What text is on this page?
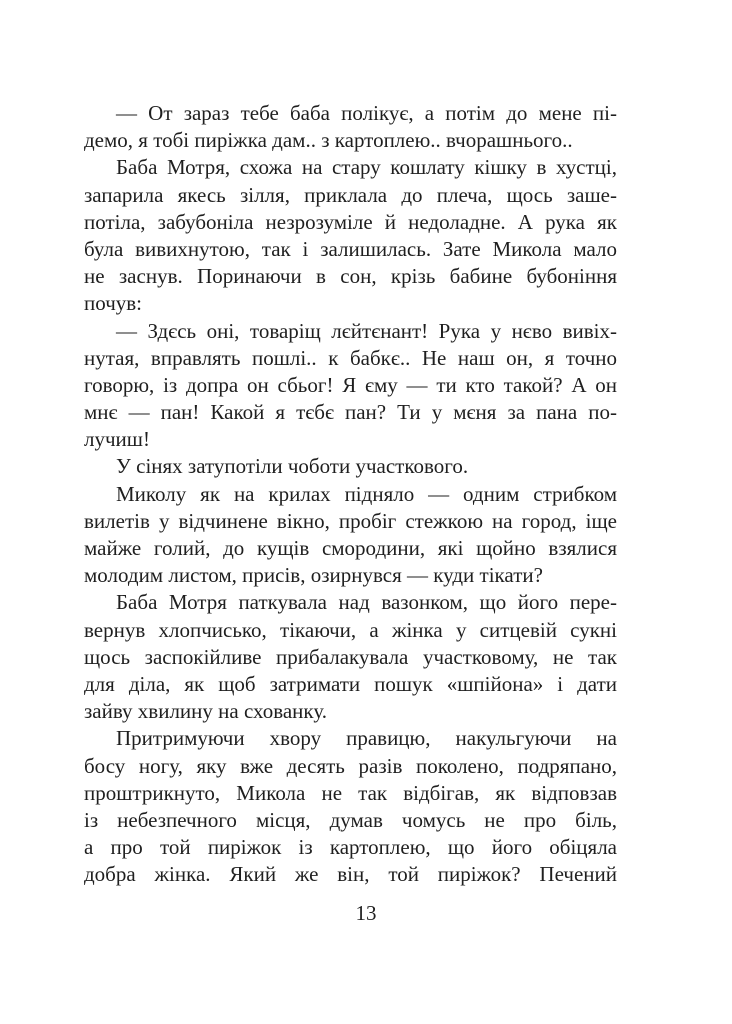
— От зараз тебе баба полікує, а потім до мене пі-
демо, я тобі пиріжка дам.. з картоплею.. вчорашнього..
Баба Мотря, схожа на стару кошлату кішку в хустці,
запарила якесь зілля, приклала до плеча, щось заше-
потіла, забубоніла незрозуміле й недоладне. А рука як
була вивихнутою, так і залишилась. Зате Микола мало
не заснув. Поринаючи в сон, крізь бабине бубоніння
почув:
— Здєсь оні, товаріщ лєйтєнант! Рука у нєво вивіх-
нутая, вправлять пошлі.. к бабкє.. Не наш он, я точно
говорю, із допра он сбьог! Я єму — ти кто такой? А он
мнє — пан! Какой я тєбє пан? Ти у мєня за пана по-
лучиш!
У сінях затупотіли чоботи участкового.
Миколу як на крилах підняло — одним стрибком
вилетів у відчинене вікно, пробіг стежкою на город, іще
майже голий, до кущів смородини, які щойно взялися
молодим листом, присів, озирнувся — куди тікати?
Баба Мотря паткувала над вазонком, що його пере-
вернув хлопчисько, тікаючи, а жінка у ситцевій сукні
щось заспокійливе прибалакувала участковому, не так
для діла, як щоб затримати пошук «шпійона» і дати
зайву хвилину на схованку.
Притримуючи хвору правицю, накульгуючи на
босу ногу, яку вже десять разів поколено, подряпано,
проштрикнуто, Микола не так відбігав, як відповзав
із небезпечного місця, думав чомусь не про біль,
а про той пиріжок із картоплею, що його обіцяла
добра жінка. Який же він, той пиріжок? Печений
13
